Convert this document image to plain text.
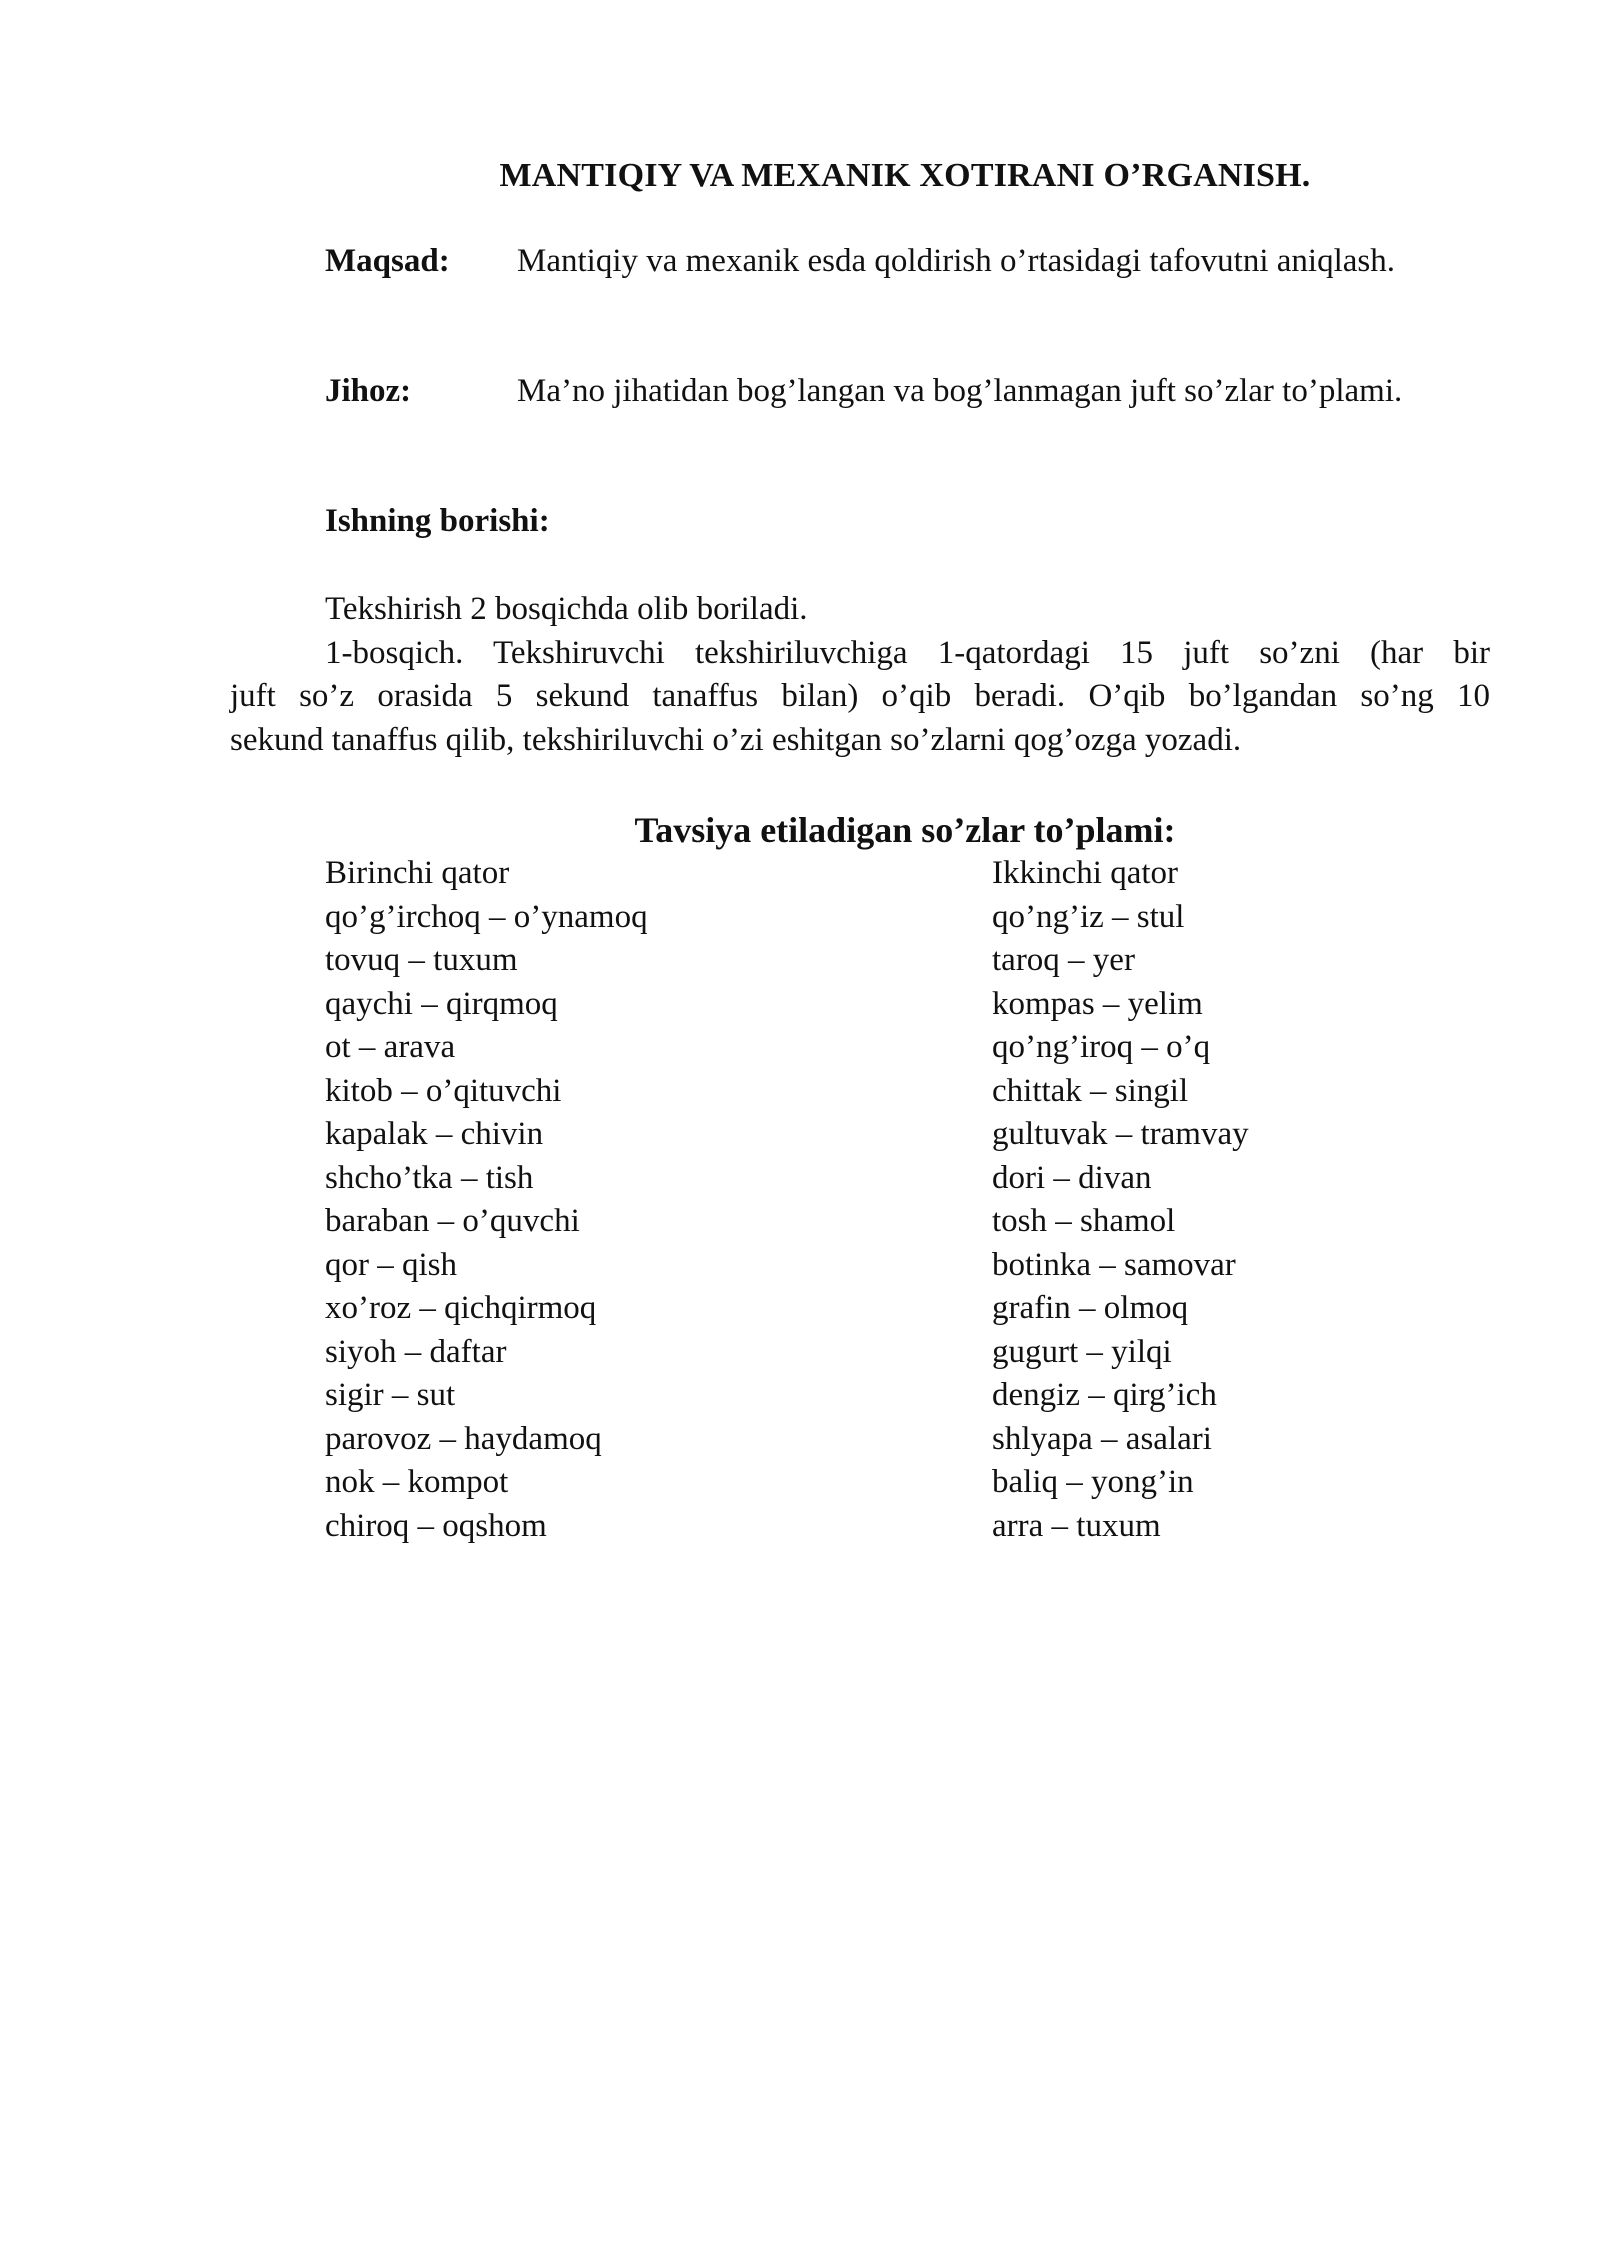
MANTIQIY VA MEXANIK XOTIRANI O’RGANISH.
Maqsad: Mantiqiy va mexanik esda qoldirish o’rtasidagi tafovutni aniqlash.
Jihoz:	Ma’no jihatidan bog’langan va bog’lanmagan juft so’zlar to’plami.
Ishning borishi:

Tekshirish 2 bosqichda olib boriladi.

1-bosqich. Tekshiruvchi tekshiriluvchiga 1-qatordagi 15 juft so’zni (har bir

juft so’z orasida 5 sekund tanaffus bilan) o’qib beradi. O’qib bo’lgandan so’ng 10

sekund tanaffus qilib, tekshiriluvchi o’zi eshitgan so’zlarni qog’ozga yozadi.

Tavsiya etiladigan so’zlar to’plami:
Birinchi qator
qo’g’irchoq – o’ynamoq
tovuq – tuxum
qaychi – qirqmoq
ot – arava
kitob – o’qituvchi
kapalak – chivin
shcho’tka – tish
baraban – o’quvchi
qor – qish
xo’roz – qichqirmoq
siyoh – daftar
sigir – sut
parovoz – haydamoq
nok – kompot
chiroq – oqshom
Ikkinchi qator
qo’ng’iz – stul
taroq – yer
kompas – yelim
qo’ng’iroq – o’q
chittak – singil
gultuvak – tramvay
dori – divan
tosh – shamol
botinka – samovar
grafin – olmoq
gugurt – yilqi
dengiz – qirg’ich
shlyapa – asalari
baliq – yong’in
arra – tuxum
